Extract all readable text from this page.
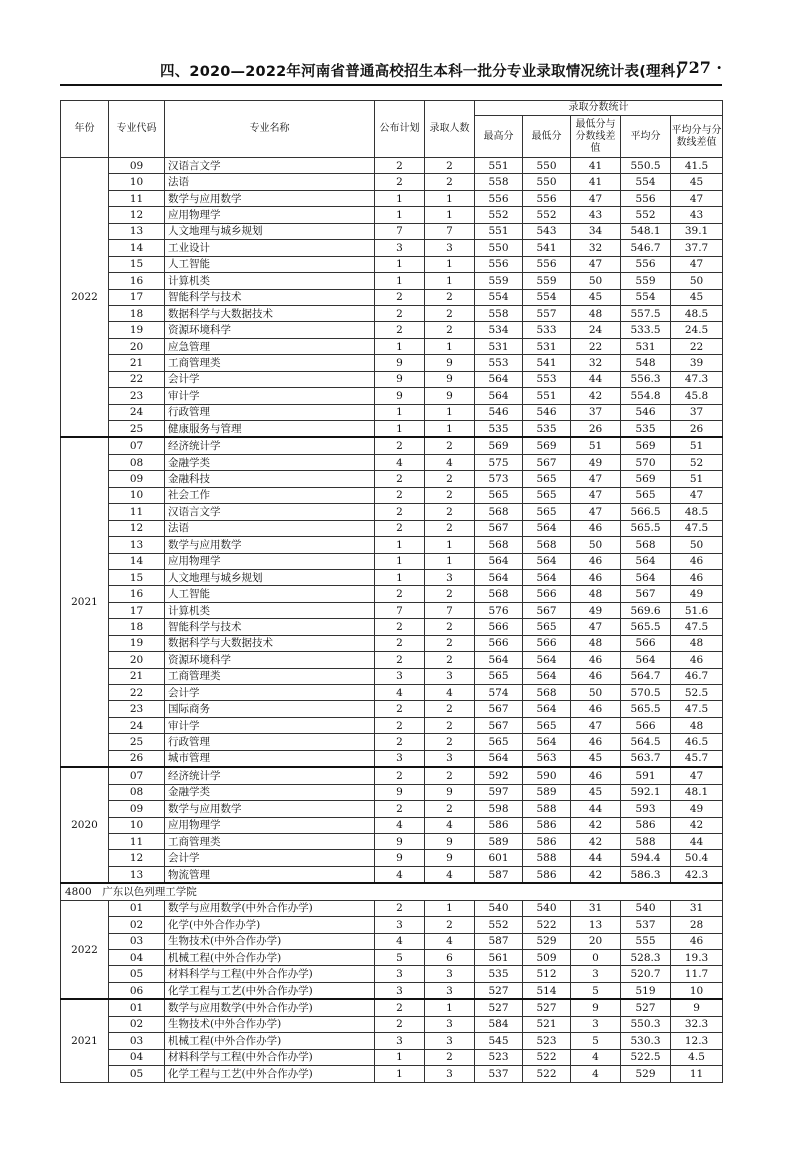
四、2020—2022年河南省普通高校招生本科一批分专业录取情况统计表(理科)
· 727 ·
年份	专业代码	专业名称	公布计划	录取人数	录取分数统计				
					最高分	最低分	最低分与分数线差值	平均分	平均分与分数线差值
2022	09	汉语言文学	2	2	551	550	41	550.5	41.5
	10	法语	2	2	558	550	41	554	45
	11	数学与应用数学	1	1	556	556	47	556	47
	12	应用物理学	1	1	552	552	43	552	43
	13	人文地理与城乡规划	7	7	551	543	34	548.1	39.1
	14	工业设计	3	3	550	541	32	546.7	37.7
	15	人工智能	1	1	556	556	47	556	47
	16	计算机类	1	1	559	559	50	559	50
	17	智能科学与技术	2	2	554	554	45	554	45
	18	数据科学与大数据技术	2	2	558	557	48	557.5	48.5
	19	资源环境科学	2	2	534	533	24	533.5	24.5
	20	应急管理	1	1	531	531	22	531	22
	21	工商管理类	9	9	553	541	32	548	39
	22	会计学	9	9	564	553	44	556.3	47.3
	23	审计学	9	9	564	551	42	554.8	45.8
	24	行政管理	1	1	546	546	37	546	37
	25	健康服务与管理	1	1	535	535	26	535	26
2021	07	经济统计学	2	2	569	569	51	569	51
	08	金融学类	4	4	575	567	49	570	52
	09	金融科技	2	2	573	565	47	569	51
	10	社会工作	2	2	565	565	47	565	47
	11	汉语言文学	2	2	568	565	47	566.5	48.5
	12	法语	2	2	567	564	46	565.5	47.5
	13	数学与应用数学	1	1	568	568	50	568	50
	14	应用物理学	1	1	564	564	46	564	46
	15	人文地理与城乡规划	1	3	564	564	46	564	46
	16	人工智能	2	2	568	566	48	567	49
	17	计算机类	7	7	576	567	49	569.6	51.6
	18	智能科学与技术	2	2	566	565	47	565.5	47.5
	19	数据科学与大数据技术	2	2	566	566	48	566	48
	20	资源环境科学	2	2	564	564	46	564	46
	21	工商管理类	3	3	565	564	46	564.7	46.7
	22	会计学	4	4	574	568	50	570.5	52.5
	23	国际商务	2	2	567	564	46	565.5	47.5
	24	审计学	2	2	567	565	47	566	48
	25	行政管理	2	2	565	564	46	564.5	46.5
	26	城市管理	3	3	564	563	45	563.7	45.7
2020	07	经济统计学	2	2	592	590	46	591	47
	08	金融学类	9	9	597	589	45	592.1	48.1
	09	数学与应用数学	2	2	598	588	44	593	49
	10	应用物理学	4	4	586	586	42	586	42
	11	工商管理类	9	9	589	586	42	588	44
	12	会计学	9	9	601	588	44	594.4	50.4
	13	物流管理	4	4	587	586	42	586.3	42.3
4800　广东以色列理工学院									
2022	01	数学与应用数学(中外合作办学)	2	1	540	540	31	540	31
	02	化学(中外合作办学)	3	2	552	522	13	537	28
	03	生物技术(中外合作办学)	4	4	587	529	20	555	46
	04	机械工程(中外合作办学)	5	6	561	509	0	528.3	19.3
	05	材料科学与工程(中外合作办学)	3	3	535	512	3	520.7	11.7
	06	化学工程与工艺(中外合作办学)	3	3	527	514	5	519	10
2021	01	数学与应用数学(中外合作办学)	2	1	527	527	9	527	9
	02	生物技术(中外合作办学)	2	3	584	521	3	550.3	32.3
	03	机械工程(中外合作办学)	3	3	545	523	5	530.3	12.3
	04	材料科学与工程(中外合作办学)	1	2	523	522	4	522.5	4.5
	05	化学工程与工艺(中外合作办学)	1	3	537	522	4	529	11
